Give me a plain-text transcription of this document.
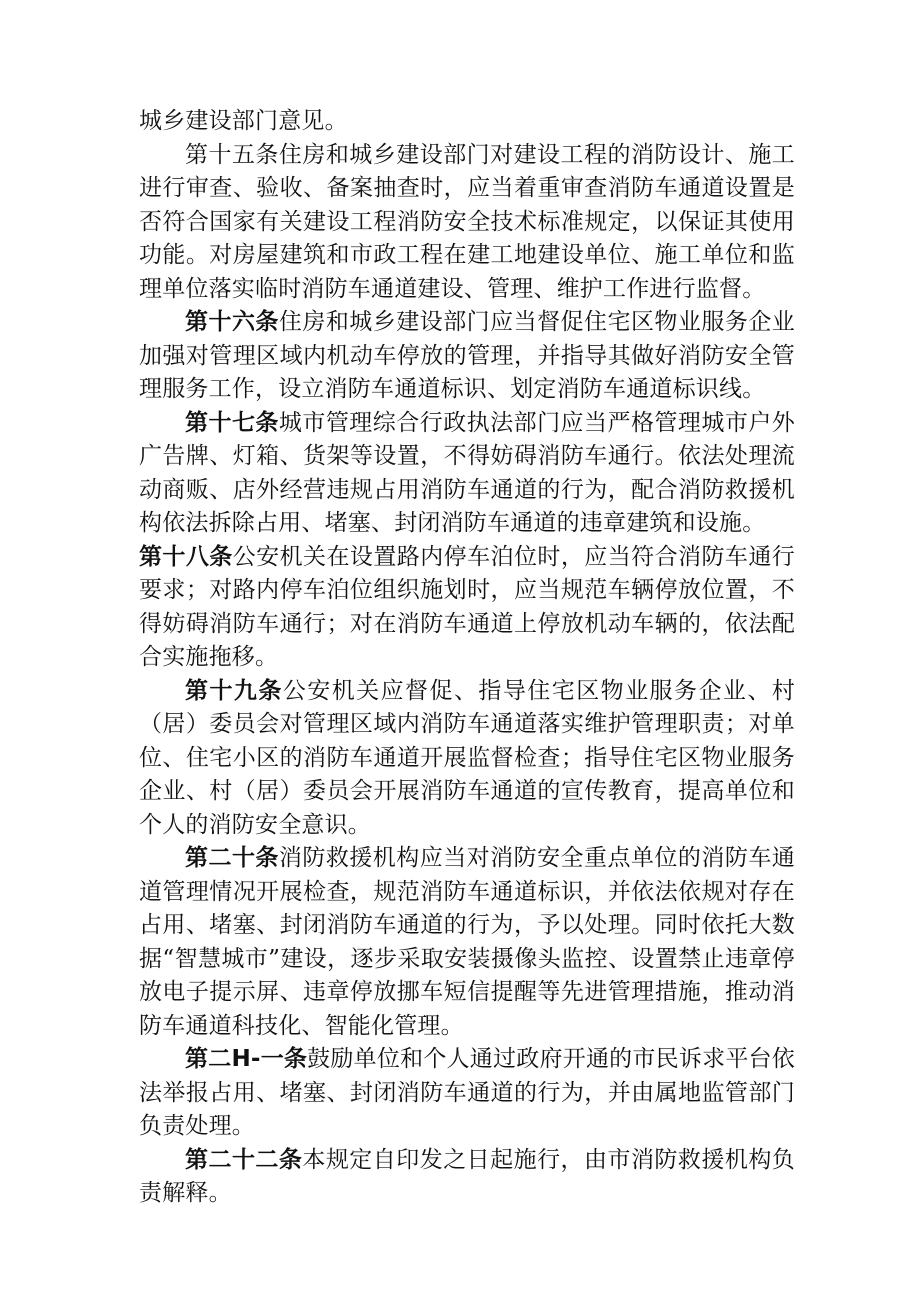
城乡建设部门意见。

第十五条住房和城乡建设部门对建设工程的消防设计、施工进行审查、验收、备案抽查时，应当着重审查消防车通道设置是否符合国家有关建设工程消防安全技术标准规定，以保证其使用功能。对房屋建筑和市政工程在建工地建设单位、施工单位和监理单位落实临时消防车通道建设、管理、维护工作进行监督。

第十六条住房和城乡建设部门应当督促住宅区物业服务企业加强对管理区域内机动车停放的管理，并指导其做好消防安全管理服务工作，设立消防车通道标识、划定消防车通道标识线。

第十七条城市管理综合行政执法部门应当严格管理城市户外广告牌、灯箱、货架等设置，不得妨碍消防车通行。依法处理流动商贩、店外经营违规占用消防车通道的行为，配合消防救援机构依法拆除占用、堵塞、封闭消防车通道的违章建筑和设施。

第十八条公安机关在设置路内停车泊位时，应当符合消防车通行要求；对路内停车泊位组织施划时，应当规范车辆停放位置，不得妨碍消防车通行；对在消防车通道上停放机动车辆的，依法配合实施拖移。

第十九条公安机关应督促、指导住宅区物业服务企业、村（居）委员会对管理区域内消防车通道落实维护管理职责；对单位、住宅小区的消防车通道开展监督检查；指导住宅区物业服务企业、村（居）委员会开展消防车通道的宣传教育，提高单位和个人的消防安全意识。

第二十条消防救援机构应当对消防安全重点单位的消防车通道管理情况开展检查，规范消防车通道标识，并依法依规对存在占用、堵塞、封闭消防车通道的行为，予以处理。同时依托大数据“智慧城市”建设，逐步采取安装摄像头监控、设置禁止违章停放电子提示屏、违章停放挪车短信提醒等先进管理措施，推动消防车通道科技化、智能化管理。

第二H-一条鼓励单位和个人通过政府开通的市民诉求平台依法举报占用、堵塞、封闭消防车通道的行为，并由属地监管部门负责处理。

第二十二条本规定自印发之日起施行，由市消防救援机构负责解释。
